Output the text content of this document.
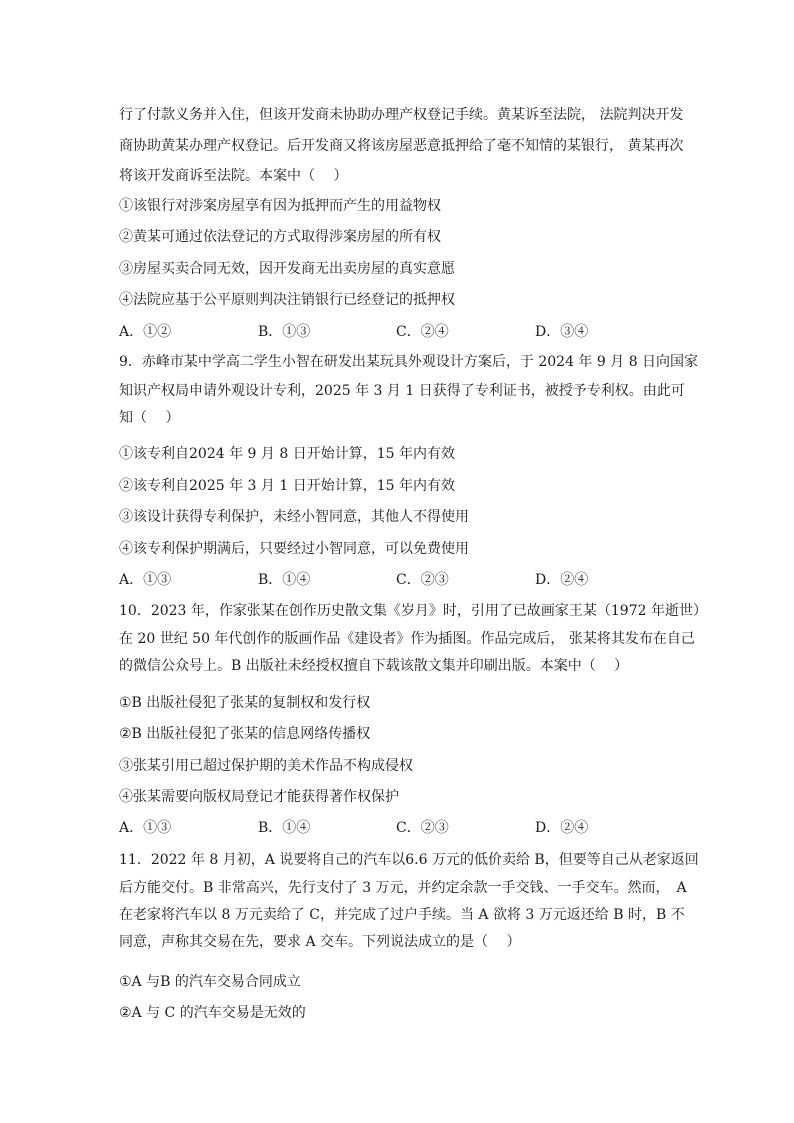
行了付款义务并入住，但该开发商未协助办理产权登记手续。黄某诉至法院， 法院判决开发
商协助黄某办理产权登记。后开发商又将该房屋恶意抵押给了毫不知情的某银行， 黄某再次
将该开发商诉至法院。本案中（　 ）
①该银行对涉案房屋享有因为抵押而产生的用益物权
②黄某可通过依法登记的方式取得涉案房屋的所有权
③房屋买卖合同无效，因开发商无出卖房屋的真实意愿
④法院应基于公平原则判决注销银行已经登记的抵押权
A．①②	B．①③	C．②④	D．③④
9．赤峰市某中学高二学生小智在研发出某玩具外观设计方案后，于 2024 年 9 月 8 日向国家
知识产权局申请外观设计专利，2025 年 3 月 1 日获得了专利证书，被授予专利权。由此可
知（　 ）
①该专利自2024 年 9 月 8 日开始计算，15 年内有效
②该专利自2025 年 3 月 1 日开始计算，15 年内有效
③该设计获得专利保护，未经小智同意，其他人不得使用
④该专利保护期满后，只要经过小智同意，可以免费使用
A．①③	B．①④	C．②③	D．②④
10．2023 年，作家张某在创作历史散文集《岁月》时，引用了已故画家王某（1972 年逝世）
在 20 世纪 50 年代创作的版画作品《建设者》作为插图。作品完成后， 张某将其发布在自己
的微信公众号上。B 出版社未经授权擅自下载该散文集并印刷出版。本案中（　 ）
①B 出版社侵犯了张某的复制权和发行权
②B 出版社侵犯了张某的信息网络传播权
③张某引用已超过保护期的美术作品不构成侵权
④张某需要向版权局登记才能获得著作权保护
A．①③	B．①④	C．②③	D．②④
11．2022 年 8 月初，A 说要将自己的汽车以6.6 万元的低价卖给 B，但要等自己从老家返回
后方能交付。B 非常高兴，先行支付了 3 万元，并约定余款一手交钱、一手交车。然而，　A
在老家将汽车以 8 万元卖给了 C，并完成了过户手续。当 A 欲将 3 万元返还给 B 时，B 不
同意，声称其交易在先，要求 A 交车。下列说法成立的是（　 ）
①A 与B 的汽车交易合同成立
②A 与 C 的汽车交易是无效的
